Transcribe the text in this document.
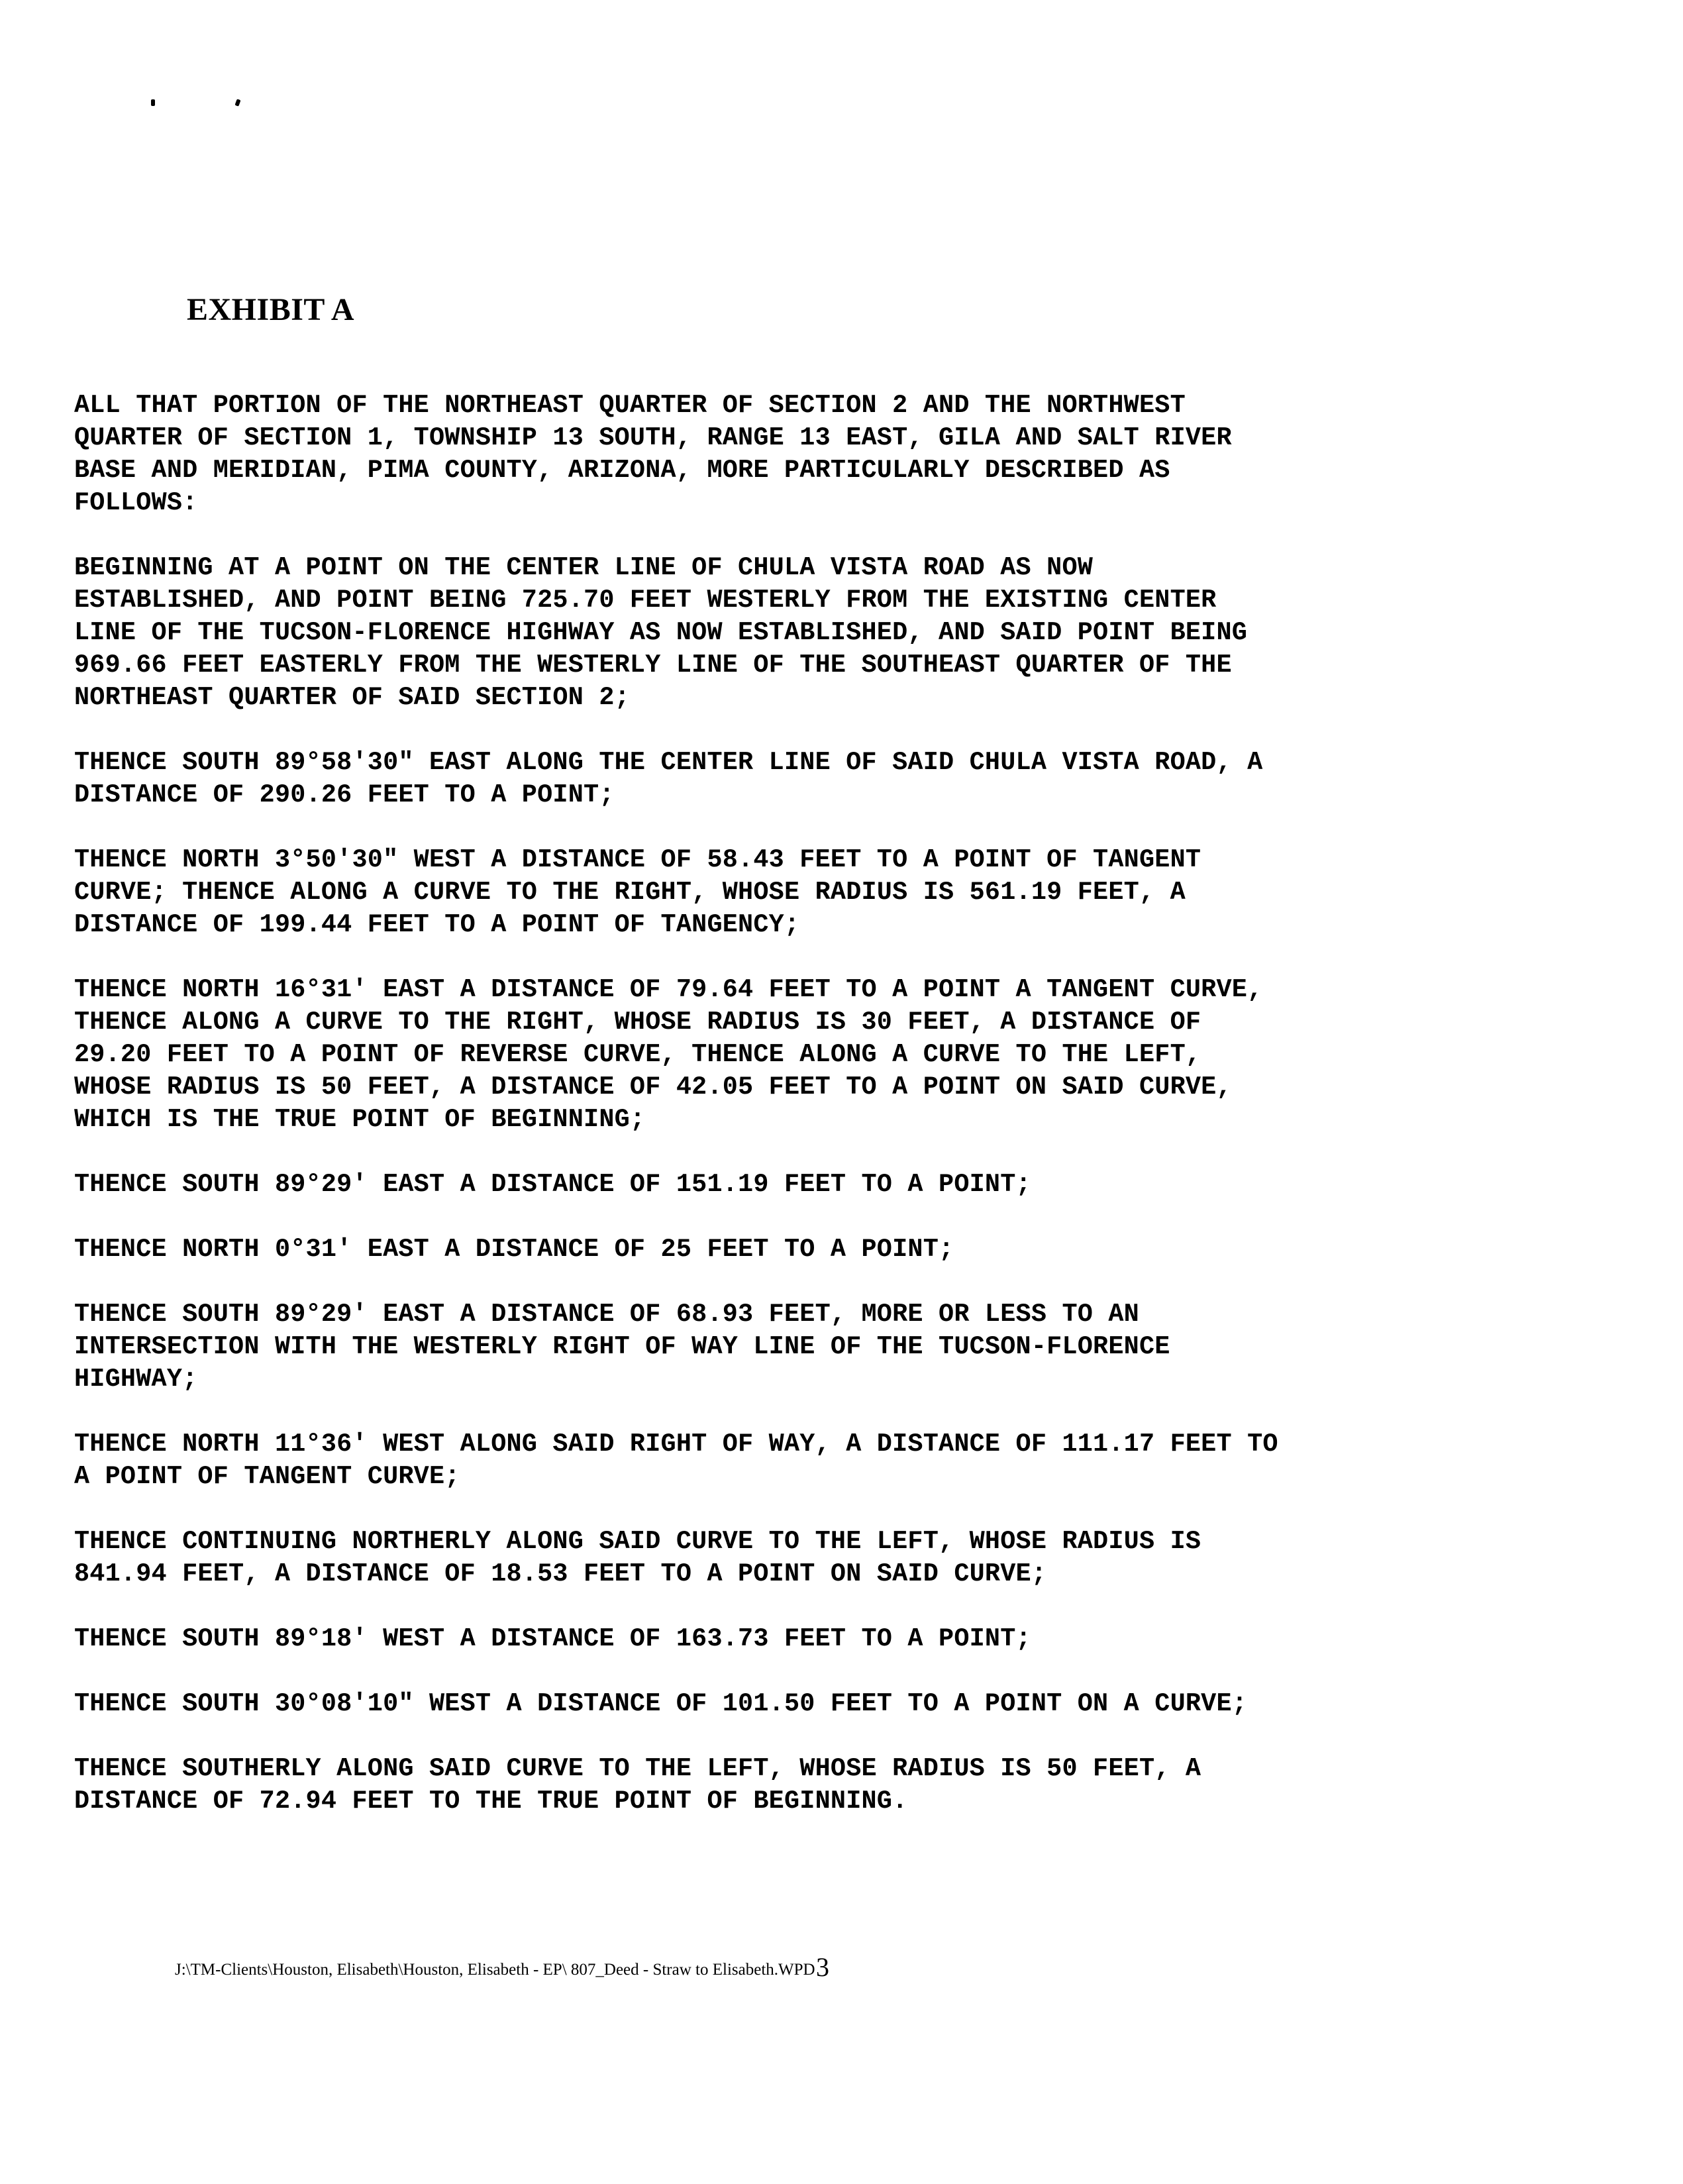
EXHIBIT A

ALL THAT PORTION OF THE NORTHEAST QUARTER OF SECTION 2 AND THE NORTHWEST
QUARTER OF SECTION 1, TOWNSHIP 13 SOUTH, RANGE 13 EAST, GILA AND SALT RIVER
BASE AND MERIDIAN, PIMA COUNTY, ARIZONA, MORE PARTICULARLY DESCRIBED AS
FOLLOWS:

BEGINNING AT A POINT ON THE CENTER LINE OF CHULA VISTA ROAD AS NOW
ESTABLISHED, AND POINT BEING 725.70 FEET WESTERLY FROM THE EXISTING CENTER
LINE OF THE TUCSON-FLORENCE HIGHWAY AS NOW ESTABLISHED, AND SAID POINT BEING
969.66 FEET EASTERLY FROM THE WESTERLY LINE OF THE SOUTHEAST QUARTER OF THE
NORTHEAST QUARTER OF SAID SECTION 2;

THENCE SOUTH 89°58'30" EAST ALONG THE CENTER LINE OF SAID CHULA VISTA ROAD, A
DISTANCE OF 290.26 FEET TO A POINT;

THENCE NORTH 3°50'30" WEST A DISTANCE OF 58.43 FEET TO A POINT OF TANGENT
CURVE; THENCE ALONG A CURVE TO THE RIGHT, WHOSE RADIUS IS 561.19 FEET, A
DISTANCE OF 199.44 FEET TO A POINT OF TANGENCY;

THENCE NORTH 16°31' EAST A DISTANCE OF 79.64 FEET TO A POINT A TANGENT CURVE,
THENCE ALONG A CURVE TO THE RIGHT, WHOSE RADIUS IS 30 FEET, A DISTANCE OF
29.20 FEET TO A POINT OF REVERSE CURVE, THENCE ALONG A CURVE TO THE LEFT,
WHOSE RADIUS IS 50 FEET, A DISTANCE OF 42.05 FEET TO A POINT ON SAID CURVE,
WHICH IS THE TRUE POINT OF BEGINNING;

THENCE SOUTH 89°29' EAST A DISTANCE OF 151.19 FEET TO A POINT;

THENCE NORTH 0°31' EAST A DISTANCE OF 25 FEET TO A POINT;

THENCE SOUTH 89°29' EAST A DISTANCE OF 68.93 FEET, MORE OR LESS TO AN
INTERSECTION WITH THE WESTERLY RIGHT OF WAY LINE OF THE TUCSON-FLORENCE
HIGHWAY;

THENCE NORTH 11°36' WEST ALONG SAID RIGHT OF WAY, A DISTANCE OF 111.17 FEET TO
A POINT OF TANGENT CURVE;

THENCE CONTINUING NORTHERLY ALONG SAID CURVE TO THE LEFT, WHOSE RADIUS IS
841.94 FEET, A DISTANCE OF 18.53 FEET TO A POINT ON SAID CURVE;

THENCE SOUTH 89°18' WEST A DISTANCE OF 163.73 FEET TO A POINT;

THENCE SOUTH 30°08'10" WEST A DISTANCE OF 101.50 FEET TO A POINT ON A CURVE;

THENCE SOUTHERLY ALONG SAID CURVE TO THE LEFT, WHOSE RADIUS IS 50 FEET, A
DISTANCE OF 72.94 FEET TO THE TRUE POINT OF BEGINNING.

J:\TM-Clients\Houston, Elisabeth\Houston, Elisabeth - EP\ 807_Deed - Straw to Elisabeth.WPD 3
